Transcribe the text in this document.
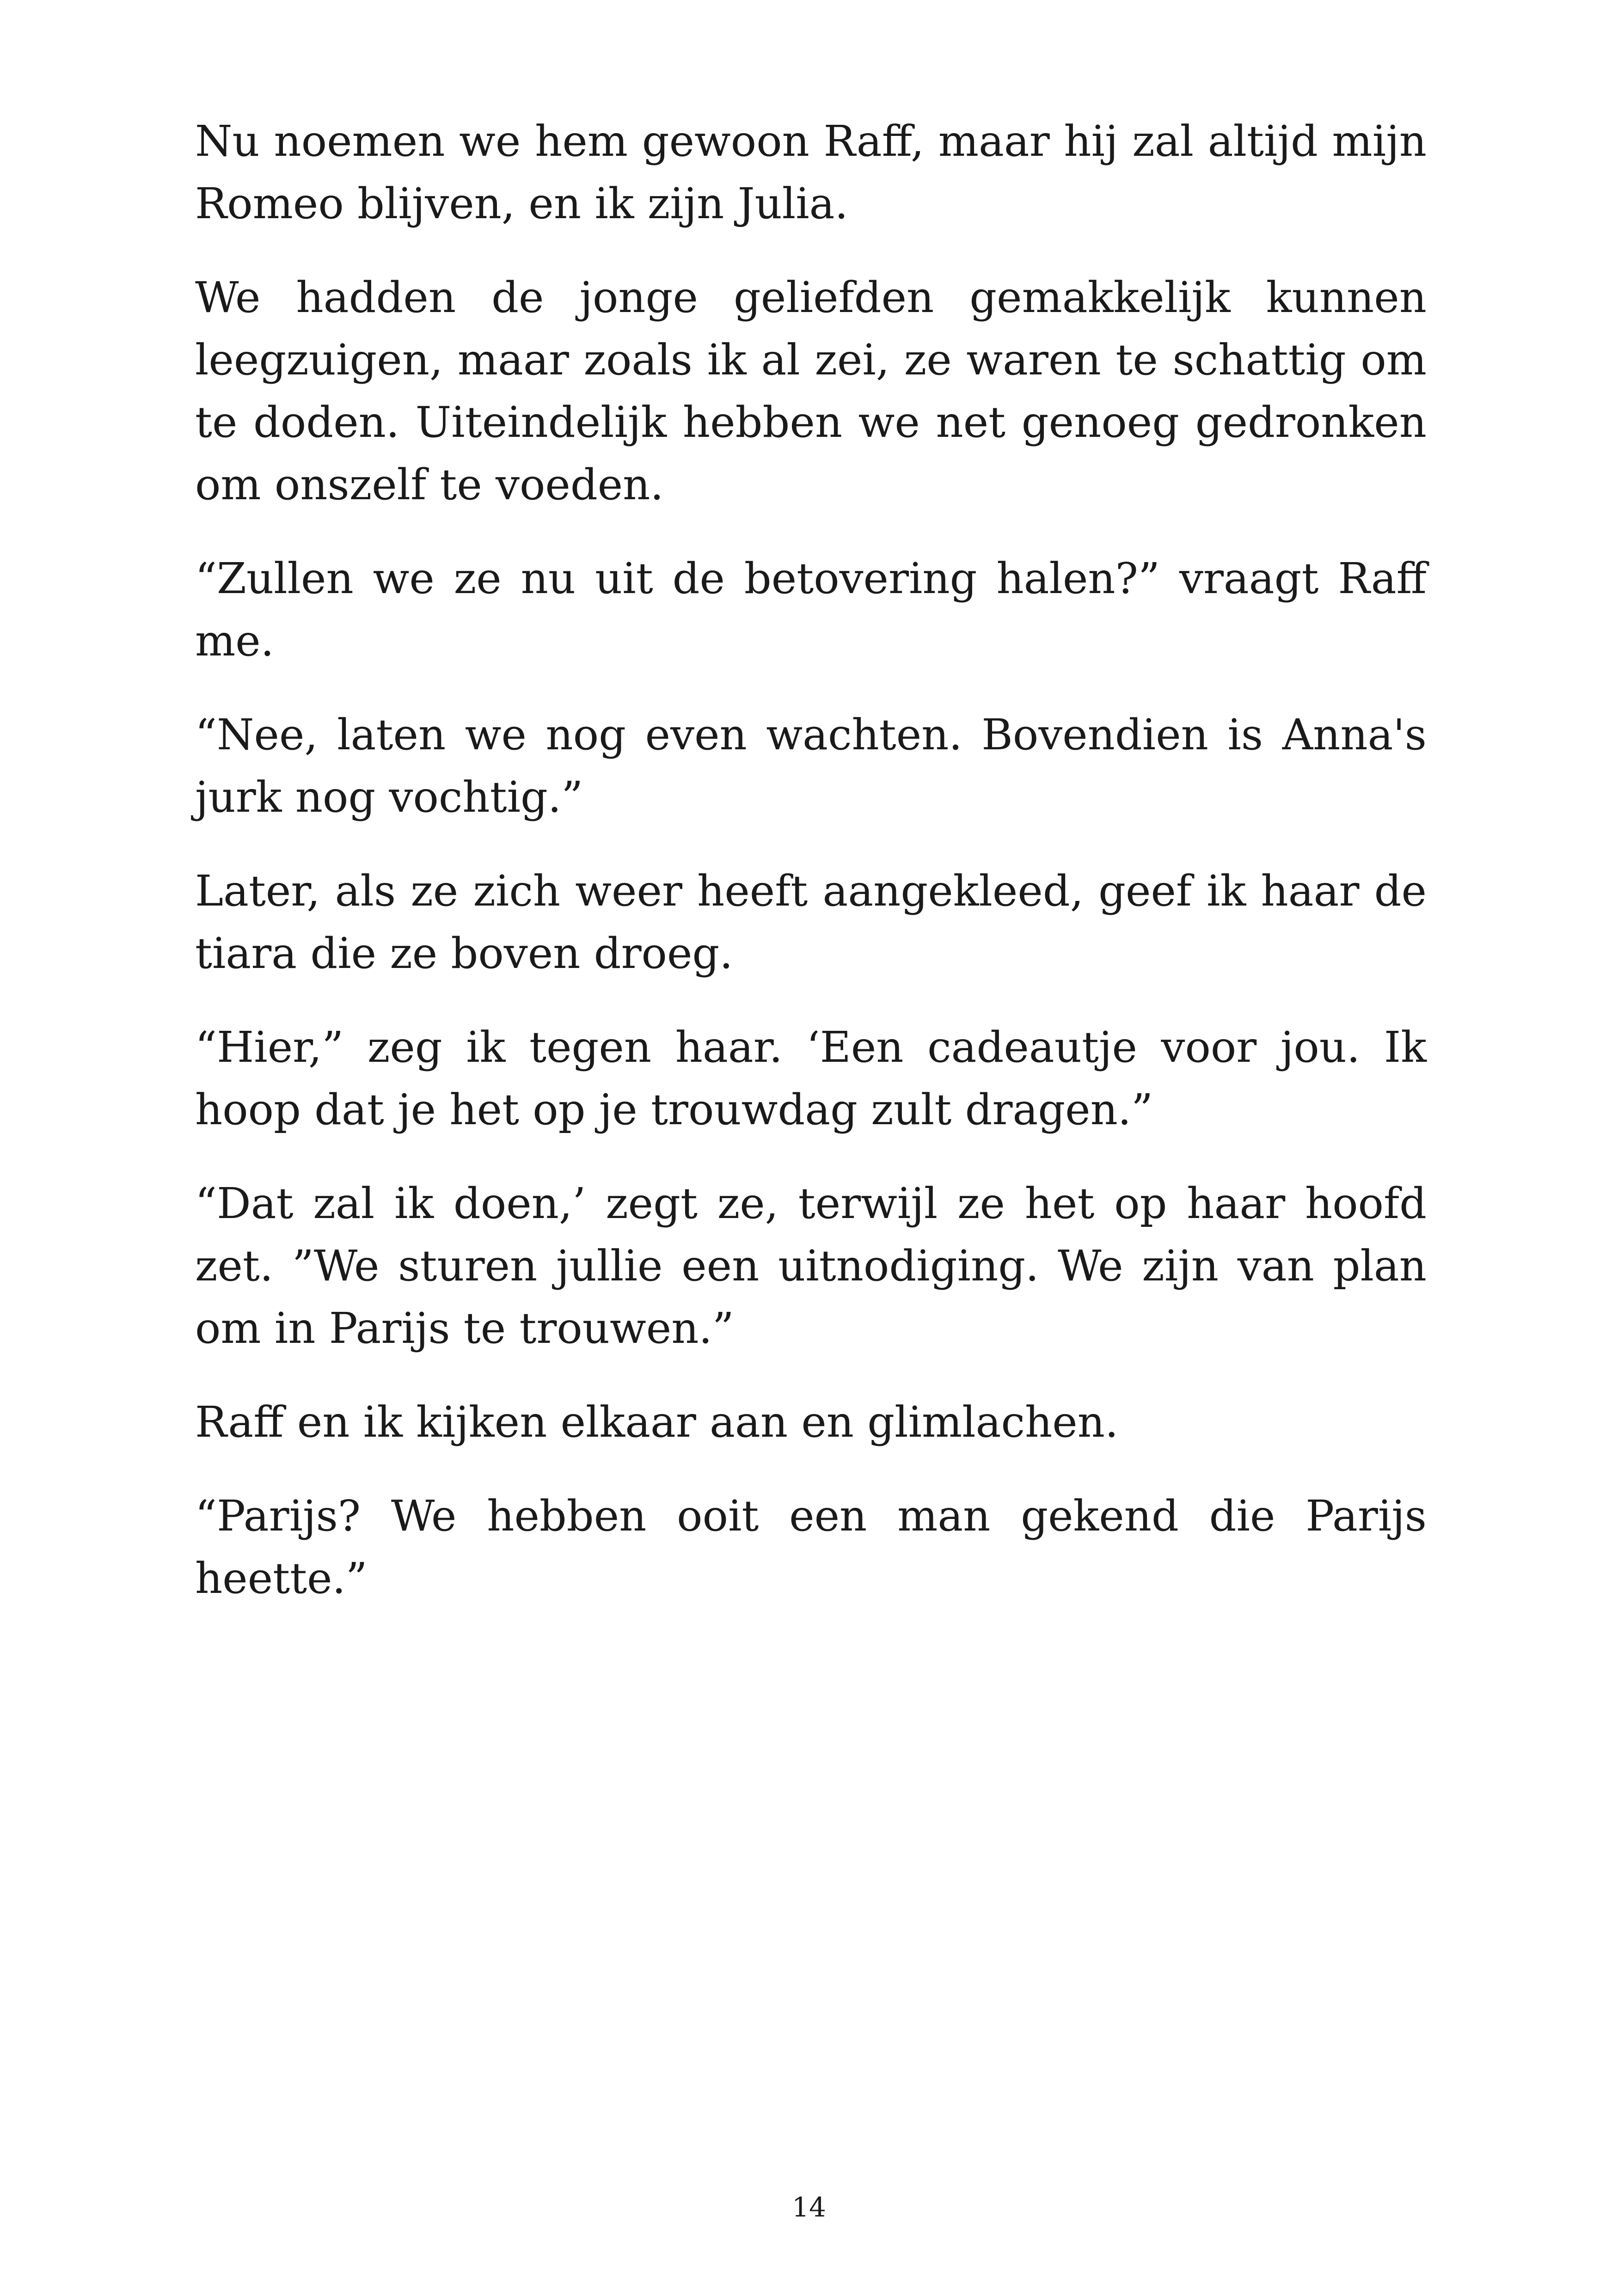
Nu noemen we hem gewoon Raff, maar hij zal altijd mijn Romeo blijven, en ik zijn Julia.

We hadden de jonge geliefden gemakkelijk kunnen leegzuigen, maar zoals ik al zei, ze waren te schattig om te doden. Uiteindelijk hebben we net genoeg gedronken om onszelf te voeden.

“Zullen we ze nu uit de betovering halen?” vraagt Raff me.

“Nee, laten we nog even wachten. Bovendien is Anna's jurk nog vochtig.”

Later, als ze zich weer heeft aangekleed, geef ik haar de tiara die ze boven droeg.

“Hier,” zeg ik tegen haar. ‘Een cadeautje voor jou. Ik hoop dat je het op je trouwdag zult dragen.”

“Dat zal ik doen,’ zegt ze, terwijl ze het op haar hoofd zet. ”We sturen jullie een uitnodiging. We zijn van plan om in Parijs te trouwen.”

Raff en ik kijken elkaar aan en glimlachen.

“Parijs? We hebben ooit een man gekend die Parijs heette.”

14
